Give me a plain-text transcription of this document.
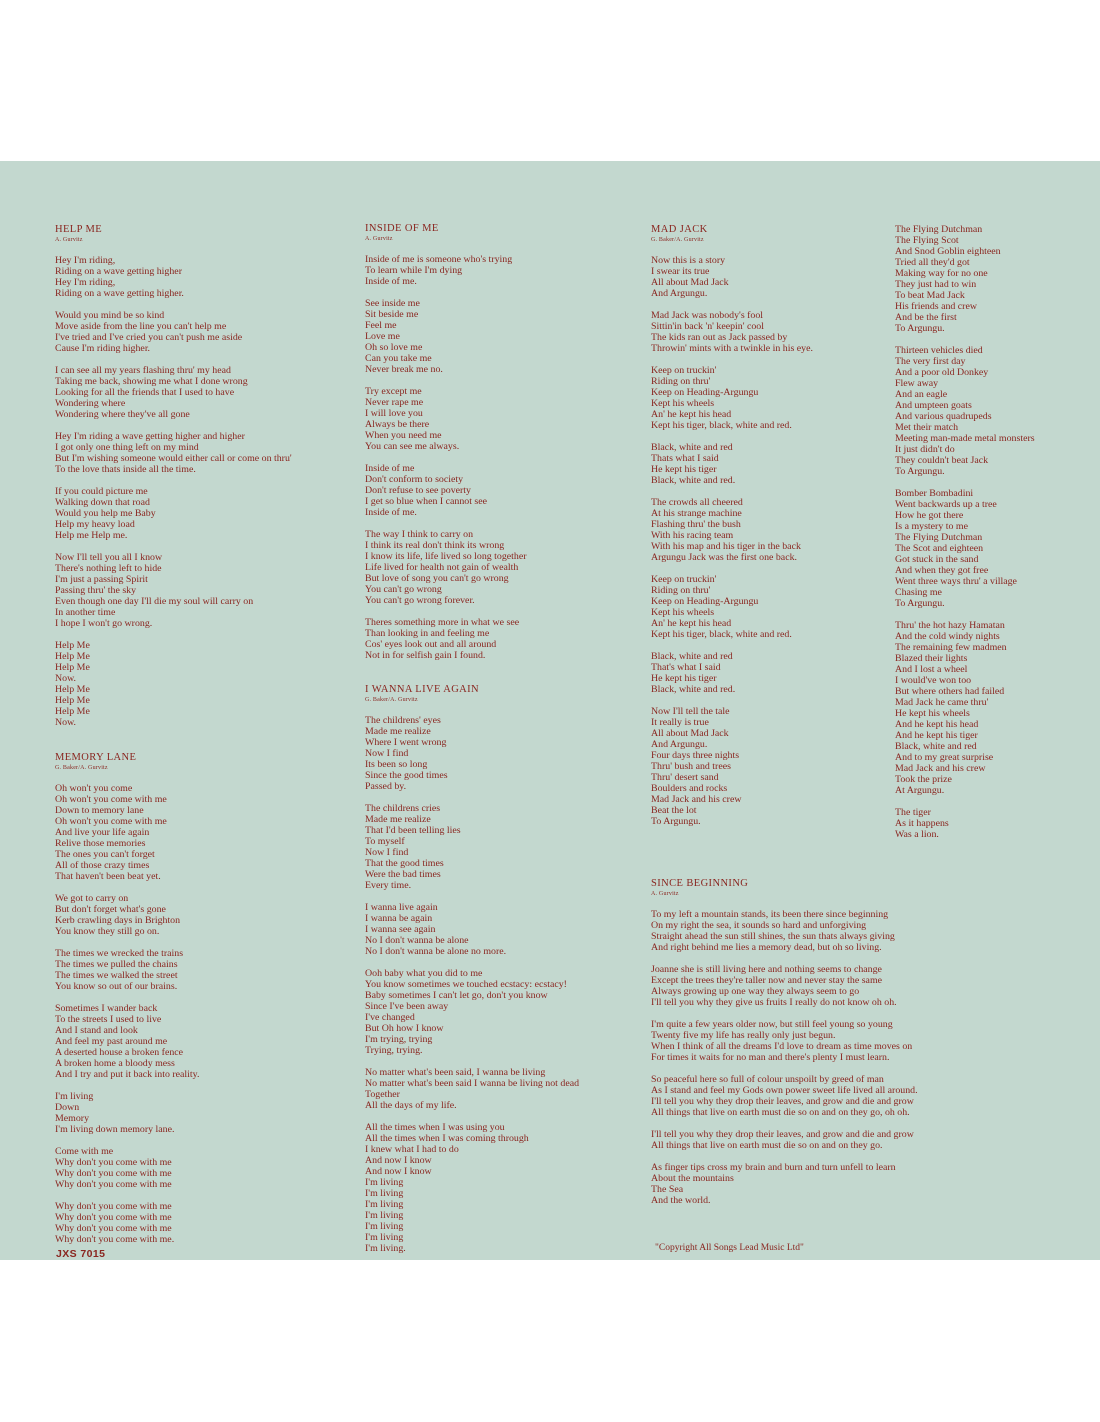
HELP ME
A. Gurvitz
Hey I'm riding,
Riding on a wave getting higher
Hey I'm riding,
Riding on a wave getting higher.
Would you mind be so kind
Move aside from the line you can't help me
I've tried and I've cried you can't push me aside
Cause I'm riding higher.
I can see all my years flashing thru' my head
Taking me back, showing me what I done wrong
Looking for all the friends that I used to have
Wondering where
Wondering where they've all gone
Hey I'm riding a wave getting higher and higher
I got only one thing left on my mind
But I'm wishing someone would either call or come on thru'
To the love thats inside all the time.
If you could picture me
Walking down that road
Would you help me Baby
Help my heavy load
Help me Help me.
Now I'll tell you all I know
There's nothing left to hide
I'm just a passing Spirit
Passing thru' the sky
Even though one day I'll die my soul will carry on
In another time
I hope I won't go wrong.
Help Me
Help Me
Help Me
Now.
Help Me
Help Me
Help Me
Now.
MEMORY LANE
G. Baker/A. Gurvitz
Oh won't you come
Oh won't you come with me
Down to memory lane
Oh won't you come with me
And live your life again
Relive those memories
The ones you can't forget
All of those crazy times
That haven't been beat yet.
We got to carry on
But don't forget what's gone
Kerb crawling days in Brighton
You know they still go on.
The times we wrecked the trains
The times we pulled the chains
The times we walked the street
You know so out of our brains.
Sometimes I wander back
To the streets I used to live
And I stand and look
And feel my past around me
A deserted house a broken fence
A broken home a bloody mess
And I try and put it back into reality.
I'm living
Down
Memory
I'm living down memory lane.
Come with me
Why don't you come with me
Why don't you come with me
Why don't you come with me
Why don't you come with me
Why don't you come with me
Why don't you come with me
Why don't you come with me.
INSIDE OF ME
A. Gurvitz
Inside of me is someone who's trying
To learn while I'm dying
Inside of me.
See inside me
Sit beside me
Feel me
Love me
Oh so love me
Can you take me
Never break me no.
Try except me
Never rape me
I will love you
Always be there
When you need me
You can see me always.
Inside of me
Don't conform to society
Don't refuse to see poverty
I get so blue when I cannot see
Inside of me.
The way I think to carry on
I think its real don't think its wrong
I know its life, life lived so long together
Life lived for health not gain of wealth
But love of song you can't go wrong
You can't go wrong
You can't go wrong forever.
Theres something more in what we see
Than looking in and feeling me
Cos' eyes look out and all around
Not in for selfish gain I found.
I WANNA LIVE AGAIN
G. Baker/A. Gurvitz
The childrens' eyes
Made me realize
Where I went wrong
Now I find
Its been so long
Since the good times
Passed by.
The childrens cries
Made me realize
That I'd been telling lies
To myself
Now I find
That the good times
Were the bad times
Every time.
I wanna live again
I wanna be again
I wanna see again
No I don't wanna be alone
No I don't wanna be alone no more.
Ooh baby what you did to me
You know sometimes we touched ecstacy: ecstacy!
Baby sometimes I can't let go, don't you know
Since I've been away
I've changed
But Oh how I know
I'm trying, trying
Trying, trying.
No matter what's been said, I wanna be living
No matter what's been said I wanna be living not dead
Together
All the days of my life.
All the times when I was using you
All the times when I was coming through
I knew what I had to do
And now I know
And now I know
I'm living
I'm living
I'm living
I'm living
I'm living
I'm living
I'm living.
MAD JACK
G. Baker/A. Gurvitz
Now this is a story
I swear its true
All about Mad Jack
And Argungu.
Mad Jack was nobody's fool
Sittin'in back 'n' keepin' cool
The kids ran out as Jack passed by
Throwin' mints with a twinkle in his eye.
Keep on truckin'
Riding on thru'
Keep on Heading-Argungu
Kept his wheels
An' he kept his head
Kept his tiger, black, white and red.
Black, white and red
Thats what I said
He kept his tiger
Black, white and red.
The crowds all cheered
At his strange machine
Flashing thru' the bush
With his racing team
With his map and his tiger in the back
Argungu Jack was the first one back.
Keep on truckin'
Riding on thru'
Keep on Heading-Argungu
Kept his wheels
An' he kept his head
Kept his tiger, black, white and red.
Black, white and red
That's what I said
He kept his tiger
Black, white and red.
Now I'll tell the tale
It really is true
All about Mad Jack
And Argungu.
Four days three nights
Thru' bush and trees
Thru' desert sand
Boulders and rocks
Mad Jack and his crew
Beat the lot
To Argungu.
SINCE BEGINNING
A. Gurvitz
To my left a mountain stands, its been there since beginning
On my right the sea, it sounds so hard and unforgiving
Straight ahead the sun still shines, the sun thats always giving
And right behind me lies a memory dead, but oh so living.
Joanne she is still living here and nothing seems to change
Except the trees they're taller now and never stay the same
Always growing up one way they always seem to go
I'll tell you why they give us fruits I really do not know oh oh.
I'm quite a few years older now, but still feel young so young
Twenty five my life has really only just begun.
When I think of all the dreams I'd love to dream as time moves on
For times it waits for no man and there's plenty I must learn.
So peaceful here so full of colour unspoilt by greed of man
As I stand and feel my Gods own power sweet life lived all around.
I'll tell you why they drop their leaves, and grow and die and grow
All things that live on earth must die so on and on they go, oh oh.
I'll tell you why they drop their leaves, and grow and die and grow
All things that live on earth must die so on and on they go.
As finger tips cross my brain and burn and turn unfell to learn
About the mountains
The Sea
And the world.
The Flying Dutchman
The Flying Scot
And Snod Goblin eighteen
Tried all they'd got
Making way for no one
They just had to win
To beat Mad Jack
His friends and crew
And be the first
To Argungu.
Thirteen vehicles died
The very first day
And a poor old Donkey
Flew away
And an eagle
And umpteen goats
And various quadrupeds
Met their match
Meeting man-made metal monsters
It just didn't do
They couldn't beat Jack
To Argungu.
Bomber Bombadini
Went backwards up a tree
How he got there
Is a mystery to me
The Flying Dutchman
The Scot and eighteen
Got stuck in the sand
And when they got free
Went three ways thru' a village
Chasing me
To Argungu.
Thru' the hot hazy Hamatan
And the cold windy nights
The remaining few madmen
Blazed their lights
And I lost a wheel
I would've won too
But where others had failed
Mad Jack he came thru'
He kept his wheels
And he kept his head
And he kept his tiger
Black, white and red
And to my great surprise
Mad Jack and his crew
Took the prize
At Argungu.
The tiger
As it happens
Was a lion.
JXS 7015	"Copyright All Songs Lead Music Ltd"
